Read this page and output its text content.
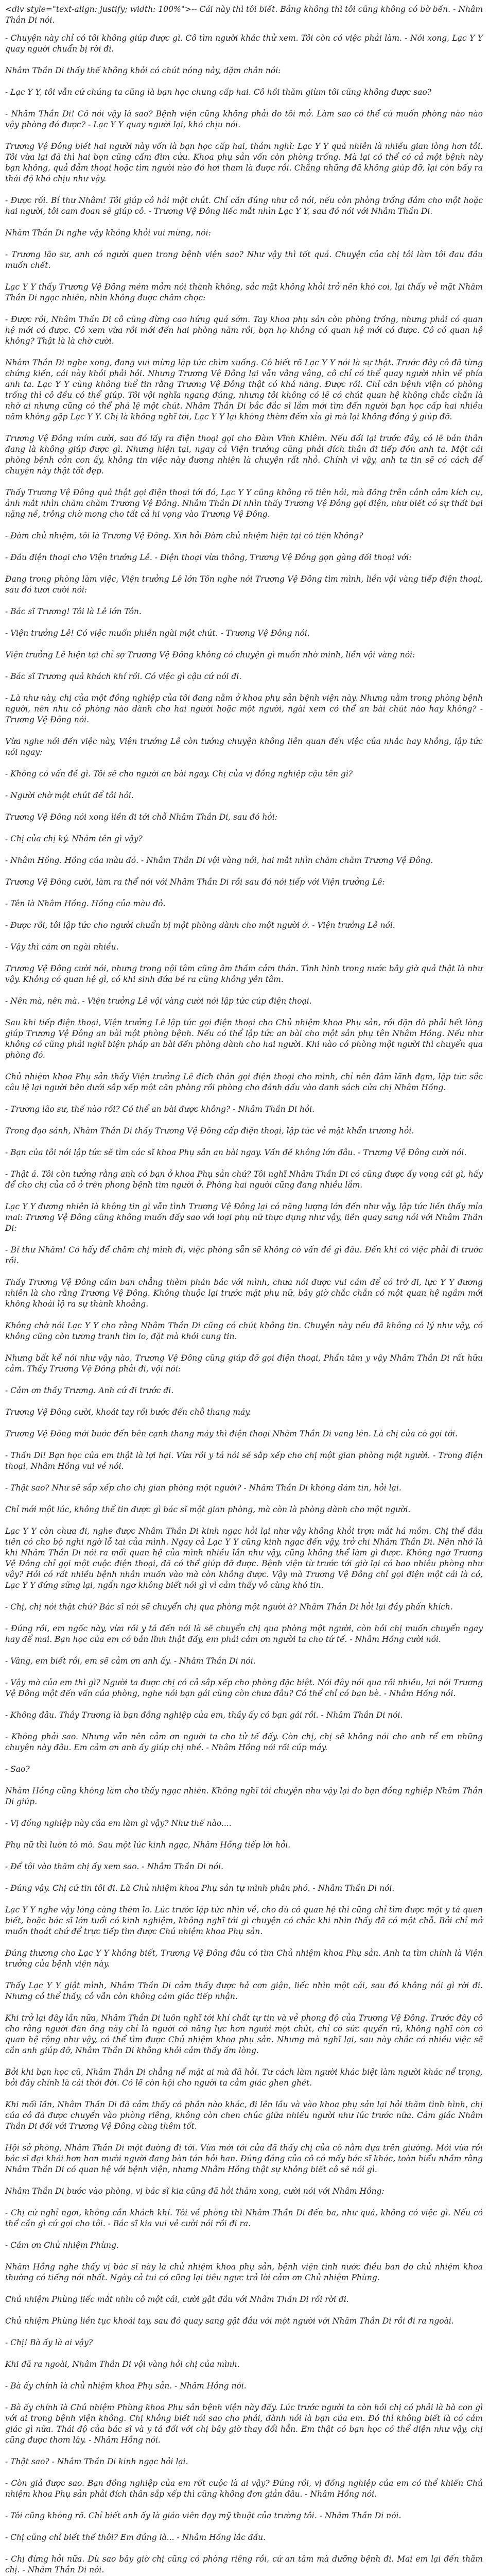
<div style="text-align: justify; width: 100%">-- Cái này thì tôi biết. Bảng không thì tôi cũng không có bờ bến. - Nhâm Thần Di nói.

- Chuyện này chỉ có tôi không giúp được gì. Cô tìm người khác thử xem. Tôi còn có việc phải làm. - Nói xong, Lạc Y Y quay người chuẩn bị rời đi.

Nhâm Thần Di thấy thế không khỏi có chút nóng nảy, dặm chân nói:

- Lạc Y Y, tôi vẫn cứ chúng ta cũng là bạn học chung cấp hai. Cô hồi thăm giùm tôi cũng không được sao?

- Nhâm Thần Di! Cô nói vậy là sao? Bệnh viện cũng không phải do tôi mở. Làm sao có thể cứ muốn phòng nào nào vậy phòng đó được? - Lạc Y Y quay người lại, khó chịu nói.

Trương Vệ Đông biết hai người này vốn là bạn học cấp hai, thảm nghĩ: Lạc Y Y quả nhiên là nhiều gian lòng hơn tôi. Tôi vừa lại đã thì hai bọn cũng cấm đìm cửu. Khoa phụ sản vốn còn phòng trống. Mà lại có thể có cả một bệnh này bạn không, quả đảm thoại hoặc tìm người nào đó hơi tham là được rồi. Chẳng những đã không giúp đỡ, lại còn bấy ra thái độ khó chịu như vậy.

- Được rồi. Bí thư Nhâm! Tôi giúp cô hỏi một chút. Chỉ cần đúng như cô nói, nếu còn phòng trống đảm cho một hoặc hai người, tôi cam đoan sẽ giúp cô. - Trương Vệ Đông liếc mắt nhìn Lạc Y Y, sau đó nói với Nhâm Thần Di.

Nhâm Thần Di nghe vậy không khỏi vui mừng, nói:

- Trương lão sư, anh có người quen trong bệnh viện sao? Như vậy thì tốt quá. Chuyện của chị tôi làm tôi đau đầu muốn chết.

Lạc Y Y thấy Trương Vệ Đông mém mỏm nói thành không, sắc mặt không khỏi trở nên khó coi, lại thấy vẻ mặt Nhâm Thần Di ngạc nhiên, nhìn không được châm chọc:

- Được rồi, Nhâm Thần Di cô cũng đừng cao hứng quá sớm. Tay khoa phụ sản còn phòng trống, nhưng phải có quan hệ mới có được. Cô xem vừa rồi mới đến hai phòng năm rồi, bọn họ không có quan hệ mới có được. Cô có quan hệ không? Thật là là chờ cười.

Nhâm Thần Di nghe xong, đang vui mừng lập tức chìm xuống. Cô biết rõ Lạc Y Y nói là sự thật. Trước đây cô đã từng chứng kiến, cái này khỏi phải hỏi. Nhưng Trương Vệ Đông lại vẫn vâng vâng, cô chỉ có thể quay người nhìn về phía anh ta. Lạc Y Y cũng không thể tin rằng Trương Vệ Đông thật có khả năng. Được rồi. Chỉ cần bệnh viện có phòng trống thì cô đều có thể giúp. Tôi vội nghĩa ngang đúng, nhưng tôi không có lẽ có chút quan hệ không chắc chắn là nhờ ai nhưng cũng có thể phá lệ một chút. Nhâm Thần Di bắc đắc sĩ lắm mới tìm đến người bạn học cấp hai nhiều năm không gặp Lạc Y Y. Chị là không nghĩ tới, Lạc Y Y lại không thèm đếm xỉa gì mà lại không đồng ý giúp đỡ.

Trương Vệ Đông mím cười, sau đó lấy ra điện thoại gọi cho Đàm Vĩnh Khiêm. Nếu đối lại trước đây, có lẽ bản thân đang là không giúp được gì. Nhưng hiện tại, ngay cả Viện trưởng cũng phải đích thân đi tiếp đón anh ta. Một cái phòng bệnh cỏn con ấy, không tin việc này đương nhiên là chuyện rất nhỏ. Chính vì vậy, anh ta tin sẽ có cách để chuyện này thật tốt đẹp.

Thấy Trương Vệ Đông quả thật gọi điện thoại tới đó, Lạc Y Y cũng không rõ tiên hỏi, mà đồng trên cảnh cảm kích cụ, ảnh mắt nhìn chăm chăm Trương Vệ Đông. Nhâm Thần Di nhìn thấy Trương Vệ Đông gọi điện, như biết có sự thất bại nặng nề, trông chờ mong cho tất cả hi vọng vào Trương Vệ Đông.

- Đàm chủ nhiệm, tôi là Trương Vệ Đông. Xin hỏi Đàm chủ nhiệm hiện tại có tiện không?

- Đầu điện thoại cho Viện trưởng Lê. - Điện thoại vừa thông, Trương Vệ Đông gọn gàng đối thoại với:

Đang trong phòng làm việc, Viện trưởng Lê lớn Tôn nghe nói Trương Vệ Đông tìm mình, liền vội vàng tiếp điện thoại, sau đó tươi cười nói:

- Bác sĩ Trương! Tôi là Lê lớn Tôn.

- Viện trưởng Lê! Có việc muốn phiền ngài một chút. - Trương Vệ Đông nói.

Viện trưởng Lê hiện tại chỉ sợ Trương Vệ Đông không có chuyện gì muốn nhờ mình, liền vội vàng nói:

- Bác sĩ Trương quả khách khí rồi. Có việc gì cậu cứ nói đi.

- Là như này, chị của một đồng nghiệp của tôi đang nằm ở khoa phụ sản bệnh viện này. Nhưng nằm trong phòng bệnh người, nên nhu cỏ phòng nào dành cho hai người hoặc một người, ngài xem có thể an bài chút nào hay không? - Trương Vệ Đông nói.

Vừa nghe nói đến việc này, Viện trưởng Lê còn tưởng chuyện không liên quan đến việc của nhắc hay không, lập tức nói ngay:

- Không có vấn đề gì. Tôi sẽ cho người an bài ngay. Chị của vị đồng nghiệp cậu tên gì?

- Người chờ một chút để tôi hỏi.

Trương Vệ Đông nói xong liền đi tới chỗ Nhâm Thần Di, sau đó hỏi:

- Chị của chị ký. Nhâm tên gì vậy?

- Nhâm Hồng. Hồng của màu đỏ. - Nhâm Thần Di vội vàng nói, hai mắt nhìn chăm chăm Trương Vệ Đông.

Trương Vệ Đông cười, làm ra thể nói với Nhâm Thần Di rồi sau đó nói tiếp với Viện trưởng Lê:

- Tên là Nhâm Hồng. Hồng của màu đỏ.

- Được rồi, tôi lập tức cho người chuẩn bị một phòng dành cho một người ở. - Viện trưởng Lê nói.

- Vậy thì cám ơn ngài nhiều.

Trương Vệ Đông cười nói, nhưng trong nội tâm cũng âm thầm cảm thán. Tình hình trong nước bây giờ quả thật là như vậy. Không có quan hệ gì, có khi sinh đứa bé ra cũng không yên tâm.

- Nên mà, nên mà. - Viện trưởng Lê vội vàng cười nói lập tức cúp điện thoại.

Sau khi tiếp điện thoại, Viện trưởng Lê lập tức gọi điện thoại cho Chủ nhiệm khoa Phụ sản, rồi dặn dò phải hết lòng giúp Trương Vệ Đông an bài một phòng bệnh. Nếu có thể lập tức an bài cho một sản phụ tên Nhâm Hồng. Nếu như không có cũng phải nghĩ biện pháp an bài đến phòng dành cho hai người. Khi nào có phòng một người thì chuyển qua phòng đó.

Chủ nhiệm khoa Phụ sản thấy Viện trưởng Lê đích thân gọi điện thoại cho mình, chỉ nên đâm lãnh đạm, lập tức sắc câu lệ lại người bên dưới sắp xếp một căn phòng rồi phòng cho đánh dấu vào danh sách cửa chị Nhâm Hồng.

- Trương lão sư, thế nào rồi? Có thể an bài được không? - Nhâm Thần Di hỏi.

Trong đạo sánh, Nhâm Thần Di thấy Trương Vệ Đông cấp điện thoại, lập tức vẻ mặt khẩn trương hỏi.

- Bạn của tôi nói lập tức sẽ tìm các sĩ khoa Phụ sản an bài ngay. Vấn đề không lớn đâu. - Trương Vệ Đông cười nói.

- Thật á. Tôi còn tưởng rằng anh có bạn ở khoa Phụ sản chứ? Tôi nghĩ Nhâm Thần Di có cũng được ấy vong cái gì, hấy để cho chị của cô ở trên phong bệnh tìm người ở. Phòng hai người cũng đang nhiều lắm.

Lạc Y Y đương nhiên là không tin gì vẫn tình Trương Vệ Đông lại có năng lượng lớn đến như vậy, lập tức liền thấy mỉa mai: Trương Vệ Đông cũng không muốn đấy sao với loại phụ nữ thực dụng như vậy, liền quay sang nói với Nhâm Thần Di:

- Bí thư Nhâm! Có hấy để chăm chị mình đi, việc phòng sẵn sẽ không có vấn đề gì đâu. Đến khi có việc phải đi trước rồi.

Thấy Trương Vệ Đông cầm ban chẳng thèm phản bác với mình, chưa nói được vui cám để có trở đi, lực Y Y đương nhiên là cho rằng Trương Vệ Đông. Không thuộc lại trước mặt phụ nữ, bây giờ chắc chắn có một quan hệ ngầm mới không khoái lộ ra sự thành khoảng.

Không chờ nói Lạc Y Y cho rằng Nhâm Thần Di cũng có chút không tin. Chuyện này nếu đã không có lý như vậy, có không cũng còn tương tranh tìm lo, đặt mà khỏi cung tin.

Nhưng bất kể nói như vậy nào, Trương Vệ Đông cũng giúp đỡ gọi điện thoại, Phần tâm y vậy Nhâm Thần Di rất hữu cảm. Thấy Trương Vệ Đông phải đi, vội nói:

- Cảm ơn thầy Trương. Anh cứ đi trước đi.

Trương Vệ Đông cười, khoát tay rồi bước đến chỗ thang máy.

Trương Vệ Đông mới bước đến bên cạnh thang máy thì điện thoại Nhâm Thần Di vang lên. Là chị của cô gọi tới.

- Thần Di! Bạn học của em thật là lợi hại. Vừa rồi y tá nói sẽ sắp xếp cho chị một gian phòng một người. - Trong điện thoại, Nhâm Hồng vui vẻ nói.

- Thật sao? Như sẽ sắp xếp cho chị gian phòng một người? - Nhâm Thần Di không dám tin, hỏi lại.

Chỉ mới một lúc, không thể tin được gì bác sĩ một gian phòng, mà còn là phòng dành cho một người.

Lạc Y Y còn chưa đi, nghe được Nhâm Thần Di kinh ngạc hỏi lại như vậy không khỏi trợn mắt há mồm. Chị thế đầu tiên có cho bộ nghi ngờ lỗ tai của mình. Ngay cả Lạc Y Y cũng kinh ngạc đến vậy, trở chi Nhâm Thần Di. Nên nhớ là khi Nhâm Thần Di nói ra mối quan hệ của mình nhiều lần như vậy, cũng không thể làm gì được. Không ngờ Trương Vệ Đông chỉ gọi một cuộc điện thoại, đã có thể giúp đỡ được. Bệnh viện từ trước tới giờ lại có bao nhiêu phòng như vậy? Hỏi có rất nhiều bệnh nhân muốn vào mà còn không được. Vậy mà Trương Vệ Đông chỉ gọi điện một cái là có, Lạc Y Y đứng sững lại, ngẩn ngơ không biết nói gì vì cảm thấy vô cùng khó tin.

- Chị, chị nói thật chứ? Bác sĩ nói sẽ chuyển chị qua phòng một người à? Nhâm Thần Di hỏi lại đầy phấn khích.

- Đúng rồi, em ngốc này, vừa rồi y tá đến nói là sẽ chuyển chị qua phòng một người, còn hỏi chị muốn chuyển ngay hay để mai. Bạn học của em có bản lĩnh thật đấy, em phải cảm ơn người ta cho tử tế. - Nhâm Hồng cười nói.

- Vâng, em biết rồi, em sẽ cảm ơn anh ấy. - Nhâm Thần Di nói.

- Vậy mà của em thì gì? Người ta được chị có cả sắp xếp cho phòng đặc biệt. Nói đây nói qua rồi nhiều, lại nói Trương Vệ Đông một đến vấn của phòng, nghe nói bạn gái cũng còn chưa đâu? Có thể chỉ có bạn bè. - Nhâm Hồng nói.

- Không đâu. Thầy Trương là bạn đồng nghiệp của em, thầy ấy có bạn gái rồi. - Nhâm Thần Di nói.

- Không phải sao. Nhưng vẫn nên cảm ơn người ta cho tử tế đấy. Còn chị, chị sẽ không nói cho anh rể em những chuyện này đâu. Em cảm ơn anh ấy giúp chị nhé. - Nhâm Hồng nói rồi cúp máy.

- Sao?

Nhâm Hồng cũng không làm cho thấy ngạc nhiên. Không nghĩ tới chuyện như vậy lại do bạn đồng nghiệp Nhâm Thần Di giúp.

- Vị đồng nghiệp này của em làm gì vậy? Như thế nào....

Phụ nữ thì luôn tò mò. Sau một lúc kinh ngạc, Nhâm Hồng tiếp lời hỏi.

- Để tôi vào thăm chị ấy xem sao. - Nhâm Thần Di nói.

- Đúng vậy. Chị cứ tin tôi đi. Là Chủ nhiệm khoa Phụ sản tự mình phân phó. - Nhâm Thần Di nói.

Lạc Y Y nghe vậy lòng càng thêm lo. Lúc trước lập tức nhìn về, cho dù cô quan hệ thì cũng chỉ tìm được một y tá quen biết, hoặc bác sĩ lớn tuổi có kinh nghiệm, không nghĩ tới gì chuyện có chắc khi nhìn thấy đã có một chỗ. Bởi chỉ mở muốn thoát chứ để trực tiếp tìm được Chủ nhiệm khoa Phụ sản.

Đúng thương cho Lạc Y Y không biết, Trương Vệ Đông đâu có tìm Chủ nhiệm khoa Phụ sản. Anh ta tìm chính là Viện trưởng của bệnh viện này.

Thấy Lạc Y Y giật mình, Nhâm Thần Di cảm thấy được hả cơn giận, liếc nhìn một cái, sau đó không nói gì rời đi. Nhưng có thể thấy, cô vẫn còn không cảm giác tiếp nhận.

Khi trở lại đây lần nữa, Nhâm Thần Di luôn nghĩ tới khí chất tự tin và vẻ phong độ của Trương Vệ Đông. Trước đây cô cho rằng người đàn ông này chỉ là người có năng lực hơn người một chút, chỉ có sức quyến rũ, không nghĩ còn có quan hệ rộng như vậy, có thể tìm được Chủ nhiệm khoa phụ sản. Nhưng mà nghĩ lại, sau này chắc có nhiều việc sẽ cần anh giúp đỡ, Nhâm Thần Di không khỏi cảm thấy ấm lòng.

Bởi khi bạn học cũ, Nhâm Thần Di chẳng nể mặt ai mà đã hỏi. Tư cách làm người khác biệt làm người khác nể trọng, bởi đây chính là cái thói đời. Có lẽ còn hội cho người ta cảm giác ghen ghét.

Khi mối lần, Nhâm Thần Di đã cảm thấy có phần nào khác, đi lên lầu và vào khoa phụ sản lại hỏi thăm tình hình, chị của cô đã được chuyển vào phòng riêng, không còn chen chúc giữa nhiều người như lúc trước nữa. Cảm giác Nhâm Thần Di đối với Trương Vệ Đông càng thêm tốt.

Hội sở phòng, Nhâm Thần Di một đường đi tới. Vừa mới tới cửa đã thấy chị của cô nằm dựa trên giường. Mới vừa rồi bác sĩ đại khái hơn hơn mười người đang bàn tán hỏi han. Đúng đáng của cô có mấy bác sĩ khác, toàn hiểu nhầm rằng Nhâm Thần Di có quan hệ với bệnh viện, nhưng Nhâm Hồng thật sự không biết cô sẽ nói gì.

Nhâm Thần Di bước vào phòng, vị bác sĩ kia cũng đã hỏi thăm xong, cười nói với Nhâm Hồng:

- Chị cứ nghỉ ngơi, không cần khách khí. Tôi về phòng thì Nhâm Thần Di đến ba, như quá, không có việc gì. Nếu có thể cần gì cứ gọi cho tôi. - Bác sĩ kia vui vẻ cười nói rồi đi ra.

- Cám ơn Chủ nhiệm Phùng.

Nhâm Hồng nghe thấy vị bác sĩ này là chủ nhiệm khoa phụ sản, bệnh viện tình nước điều ban do chủ nhiệm khoa thường có tiếng nói nhất. Ngày cả tui có cũng lại tiêu ngực trả lời cảm ơn Chủ nhiệm Phùng.

Chủ nhiệm Phùng liếc mắt nhìn cô một cái, cười gật đầu với Nhâm Thần Di rồi rời đi.

Chủ nhiệm Phùng liền tục khoái tay, sau đó quay sang gật đầu với một người với Nhâm Thần Di rồi đi ra ngoài.

- Chị! Bà ấy là ai vậy?

Khi đã ra ngoài, Nhâm Thần Di vội vàng hỏi chị của mình.

- Bà ấy chính là chủ nhiệm khoa Phụ sản. - Nhâm Hồng nói.

- Bà ấy chính là Chủ nhiệm Phùng khoa Phụ sản bệnh viện này đấy. Lúc trước người ta còn hỏi chị có phải là bà con gì với ai trong bệnh viện không. Chị không biết nói sao cho phải, đành nói là bạn của em. Đó thì không biết là có cảm giác gì nữa. Thái độ của bác sĩ và y tá đối với chị bây giờ thay đổi hẳn. Em thật có bạn học có thể diện như vậy, chị cũng được thơm lây. - Nhâm Hồng nói.

- Thật sao? - Nhâm Thần Di kinh ngạc hỏi lại.

- Còn giả được sao. Bạn đồng nghiệp của em rốt cuộc là ai vậy? Đúng rồi, vị đồng nghiệp của em có thể khiến Chủ nhiệm khoa Phụ sản phải đích thân sắp xếp thì cũng không đơn giản đâu. - Nhâm Hồng nói.

- Tôi cũng không rõ. Chỉ biết anh ấy là giáo viên dạy mỹ thuật của trường tôi. - Nhâm Thần Di nói.

- Chị cũng chỉ biết thế thôi? Em đúng là... - Nhâm Hồng lắc đầu.

- Chị đừng hỏi nữa. Dù sao bây giờ chị cũng có phòng riêng rồi, cứ an tâm mà dưỡng bệnh đi. Mai em lại đến thăm chị. - Nhâm Thần Di nói.
